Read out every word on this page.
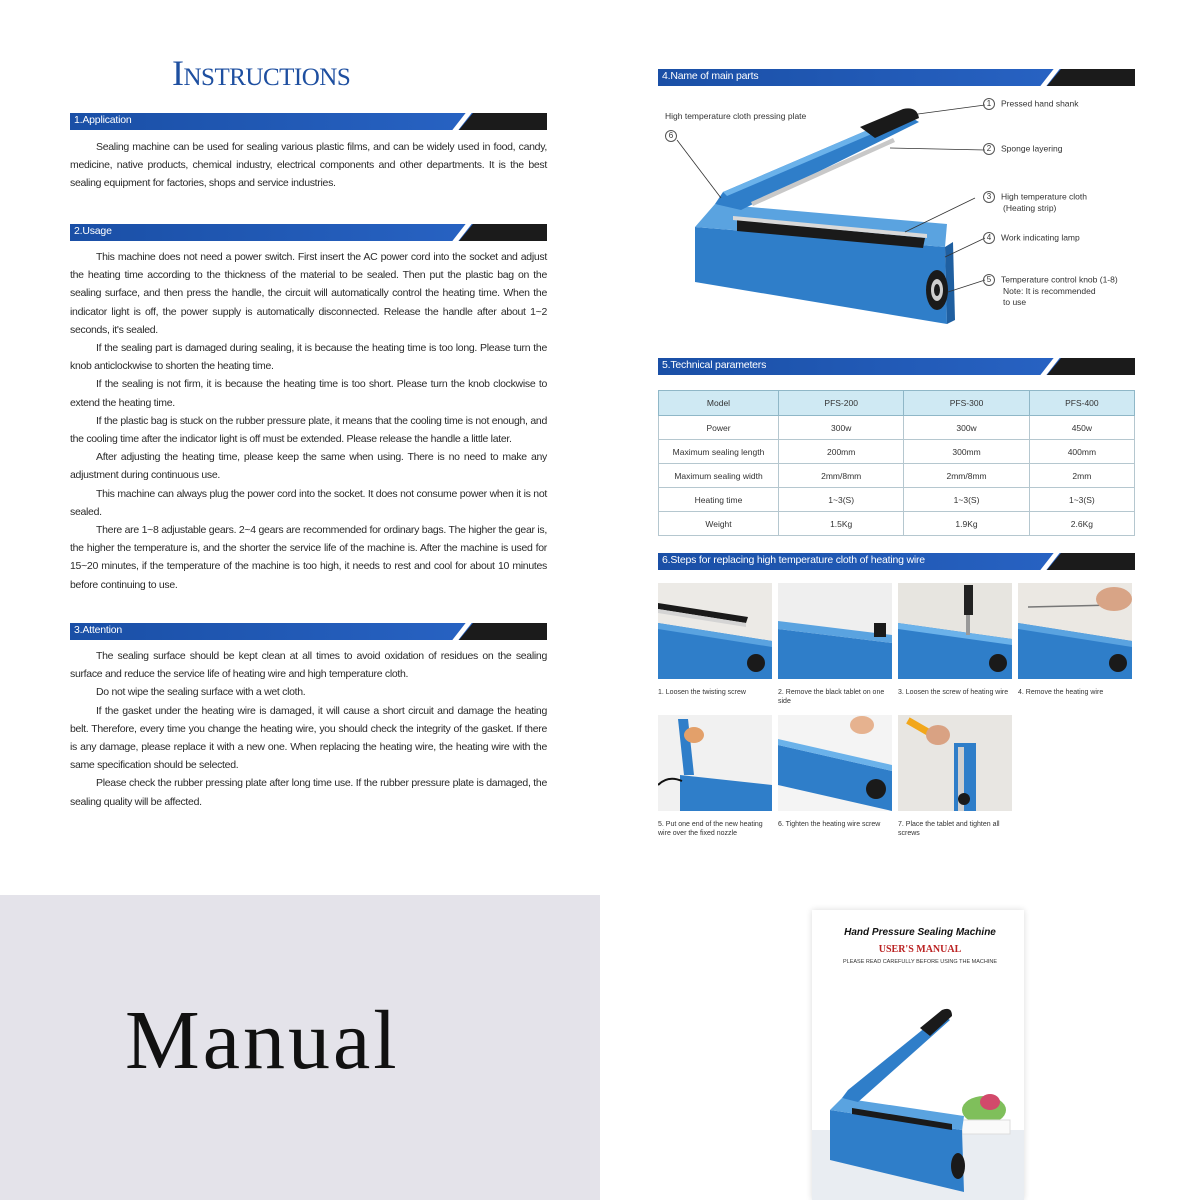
Instructions
1.Application

Sealing machine can be used for sealing various plastic films, and can be widely used in food, candy, medicine, native products, chemical industry, electrical components and other departments. It is the best sealing equipment for factories, shops and service industries.

2.Usage

This machine does not need a power switch. First insert the AC power cord into the socket and adjust the heating time according to the thickness of the material to be sealed. Then put the plastic bag on the sealing surface, and then press the handle, the circuit will automatically control the heating time. When the indicator light is off, the power supply is automatically disconnected. Release the handle after about 1~2 seconds, it's sealed.

If the sealing part is damaged during sealing, it is because the heating time is too long. Please turn the knob anticlockwise to shorten the heating time.

If the sealing is not firm, it is because the heating time is too short. Please turn the knob clockwise to extend the heating time.

If the plastic bag is stuck on the rubber pressure plate, it means that the cooling time is not enough, and the cooling time after the indicator light is off must be extended. Please release the handle a little later.

After adjusting the heating time, please keep the same when using. There is no need to make any adjustment during continuous use.

This machine can always plug the power cord into the socket. It does not consume power when it is not sealed.

There are 1~8 adjustable gears. 2~4 gears are recommended for ordinary bags. The higher the gear is, the higher the temperature is, and the shorter the service life of the machine is. After the machine is used for 15~20 minutes, if the temperature of the machine is too high, it needs to rest and cool for about 10 minutes before continuing to use.

3.Attention

The sealing surface should be kept clean at all times to avoid oxidation of residues on the sealing surface and reduce the service life of heating wire and high temperature cloth.

Do not wipe the sealing surface with a wet cloth.

If the gasket under the heating wire is damaged, it will cause a short circuit and damage the heating belt. Therefore, every time you change the heating wire, you should check the integrity of the gasket. If there is any damage, please replace it with a new one. When replacing the heating wire, the heating wire with the same specification should be selected.

Please check the rubber pressing plate after long time use. If the rubber pressure plate is damaged, the sealing quality will be affected.

4.Name of main parts
High temperature cloth pressing plate
6
1 Pressed hand shank
2 Sponge layering
3 High temperature cloth
(Heating strip)
4 Work indicating lamp
5 Temperature control knob (1-8)
Note: It is recommended
to use
5.Technical parameters
Model	PFS-200	PFS-300	PFS-400
Power	300w	300w	450w
Maximum sealing length	200mm	300mm	400mm
Maximum sealing width	2mm/8mm	2mm/8mm	2mm
Heating time	1~3(S)	1~3(S)	1~3(S)
Weight	1.5Kg	1.9Kg	2.6Kg
6.Steps for replacing high temperature cloth of heating wire
1. Loosen the twisting screw	2. Remove the black tablet on one side
3. Loosen the screw of heating wire	4. Remove the heating wire
5. Put one end of the new heating wire over the fixed nozzle
6. Tighten the heating wire screw	7. Place the tablet and tighten all screws
Manual
Hand Pressure Sealing Machine
USER'S MANUAL
PLEASE READ CAREFULLY BEFORE USING THE MACHINE
